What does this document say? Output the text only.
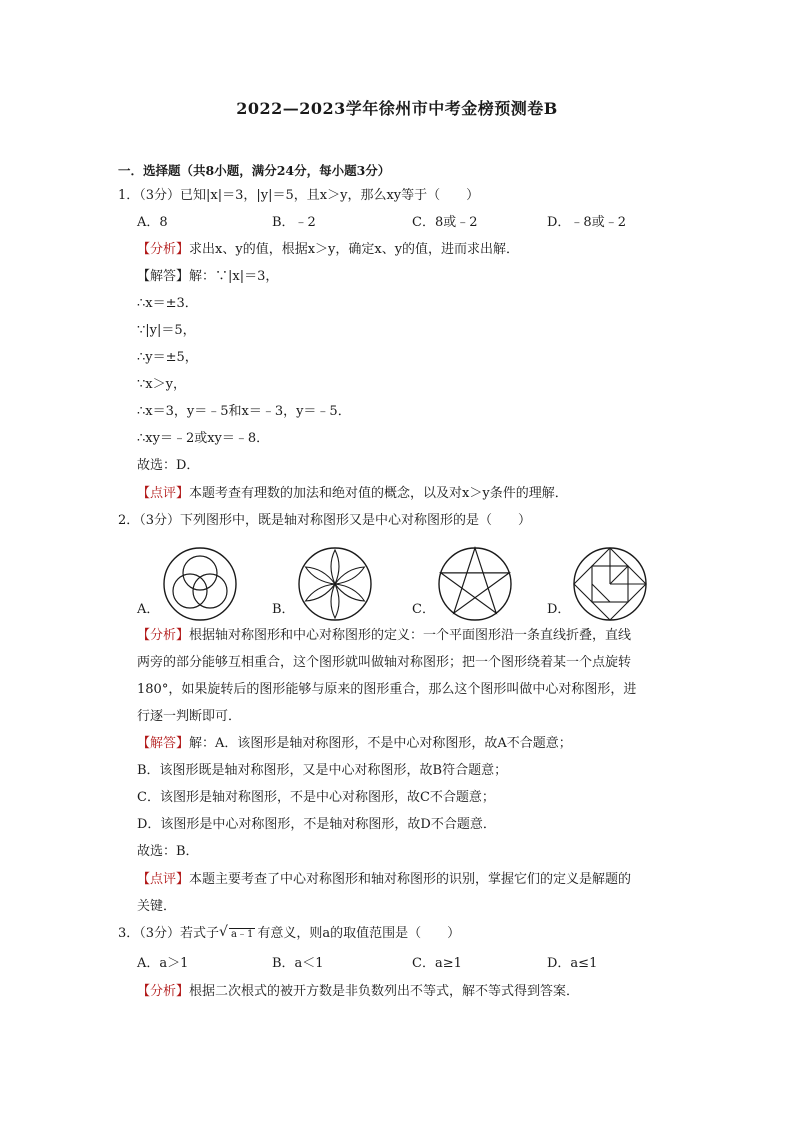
2022—2023学年徐州市中考金榜预测卷B
一．选择题（共8小题，满分24分，每小题3分）
1．（3分）已知|x|＝3，|y|＝5，且x＞y，那么xy等于（　　）
A．8	B．﹣2	C．8或﹣2	D．﹣8或﹣2
【分析】求出x、y的值，根据x＞y，确定x、y的值，进而求出解．
【解答】解：∵|x|＝3，
∴x＝±3．
∵|y|＝5，
∴y＝±5，
∵x＞y，
∴x＝3，y＝﹣5和x＝﹣3，y＝﹣5．
∴xy＝﹣2或xy＝﹣8．
故选：D．
【点评】本题考查有理数的加法和绝对值的概念，以及对x＞y条件的理解．
2．（3分）下列图形中，既是轴对称图形又是中心对称图形的是（　　）
A．	B．	C．	D．
【分析】根据轴对称图形和中心对称图形的定义：一个平面图形沿一条直线折叠，直线
两旁的部分能够互相重合，这个图形就叫做轴对称图形；把一个图形绕着某一个点旋转
180°，如果旋转后的图形能够与原来的图形重合，那么这个图形叫做中心对称图形，进
行逐一判断即可．
【解答】解：A．该图形是轴对称图形，不是中心对称图形，故A不合题意；
B．该图形既是轴对称图形，又是中心对称图形，故B符合题意；
C．该图形是轴对称图形，不是中心对称图形，故C不合题意；
D．该图形是中心对称图形，不是轴对称图形，故D不合题意．
故选：B．
【点评】本题主要考查了中心对称图形和轴对称图形的识别，掌握它们的定义是解题的
关键．
3．（3分）若式子 √ a﹣1 有意义，则a的取值范围是（　　）
A．a＞1	B．a＜1	C．a≥1	D．a≤1
【分析】根据二次根式的被开方数是非负数列出不等式，解不等式得到答案．
